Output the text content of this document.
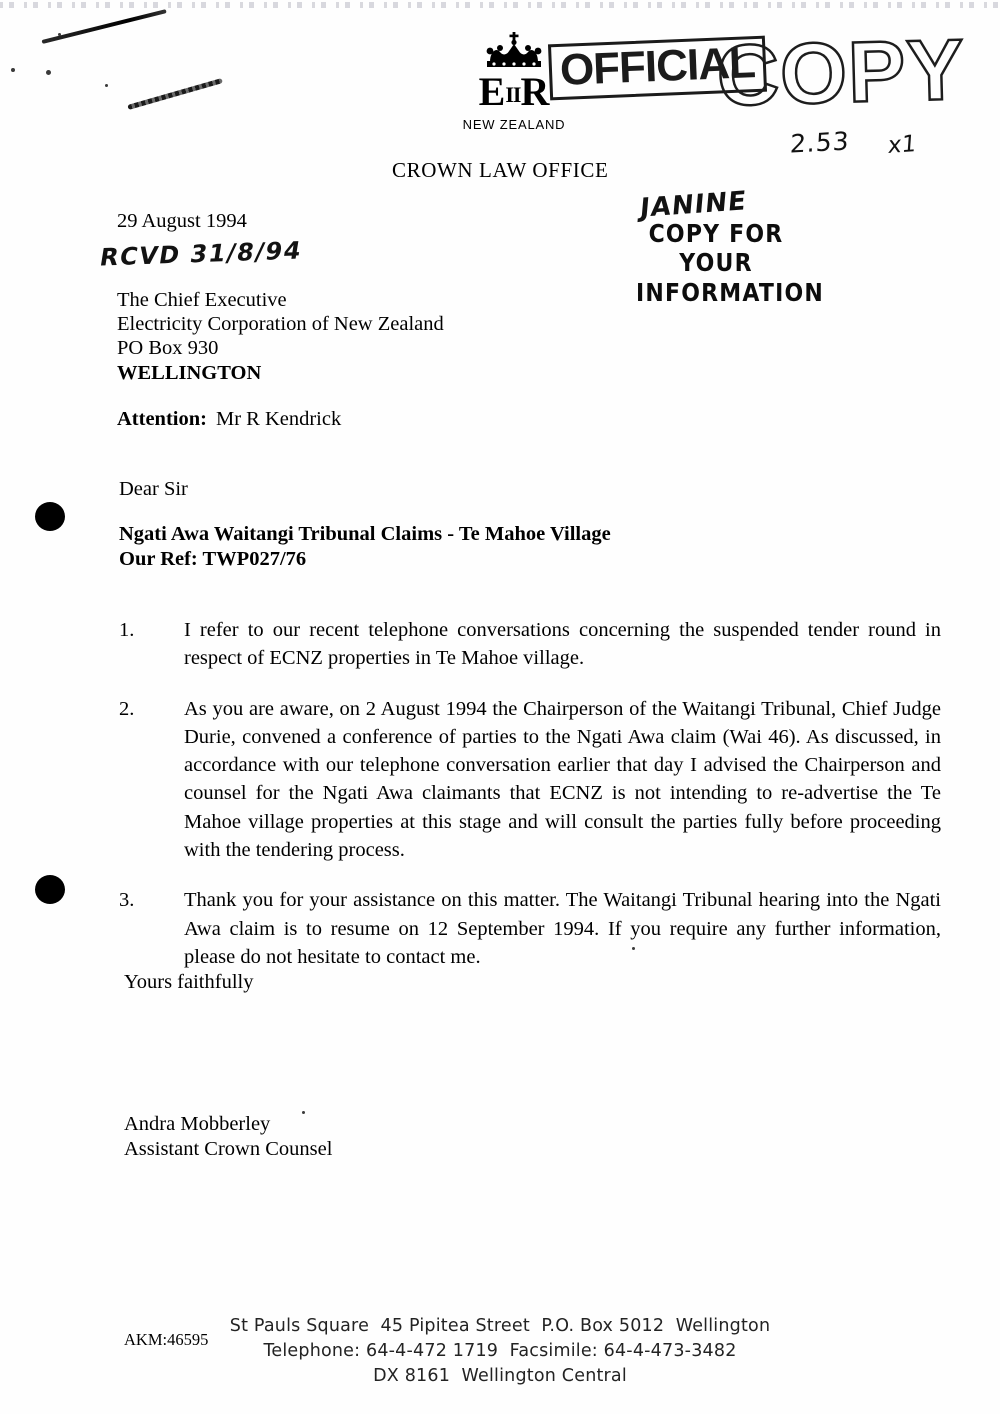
EIIR
NEW ZEALAND
CROWN LAW OFFICE
OFFICIAL
COPY
2.53 x1
JANINE
RCVD 31/8/94
COPY FOR YOUR
INFORMATION
29 August 1994
The Chief Executive
Electricity Corporation of New Zealand
PO Box 930
WELLINGTON
Attention: Mr R Kendrick
Dear Sir
Ngati Awa Waitangi Tribunal Claims - Te Mahoe Village
Our Ref: TWP027/76
1.	I refer to our recent telephone conversations concerning the suspended tender round in respect of ECNZ properties in Te Mahoe village.
2.	As you are aware, on 2 August 1994 the Chairperson of the Waitangi Tribunal, Chief Judge Durie, convened a conference of parties to the Ngati Awa claim (Wai 46). As discussed, in accordance with our telephone conversation earlier that day I advised the Chairperson and counsel for the Ngati Awa claimants that ECNZ is not intending to re-advertise the Te Mahoe village properties at this stage and will consult the parties fully before proceeding with the tendering process.
3.	Thank you for your assistance on this matter. The Waitangi Tribunal hearing into the Ngati Awa claim is to resume on 12 September 1994. If you require any further information, please do not hesitate to contact me.
Yours faithfully
Andra Mobberley
Assistant Crown Counsel
AKM:46595
St Pauls Square  45 Pipitea Street  P.O. Box 5012  Wellington
Telephone: 64-4-472 1719  Facsimile: 64-4-473-3482
DX 8161  Wellington Central
